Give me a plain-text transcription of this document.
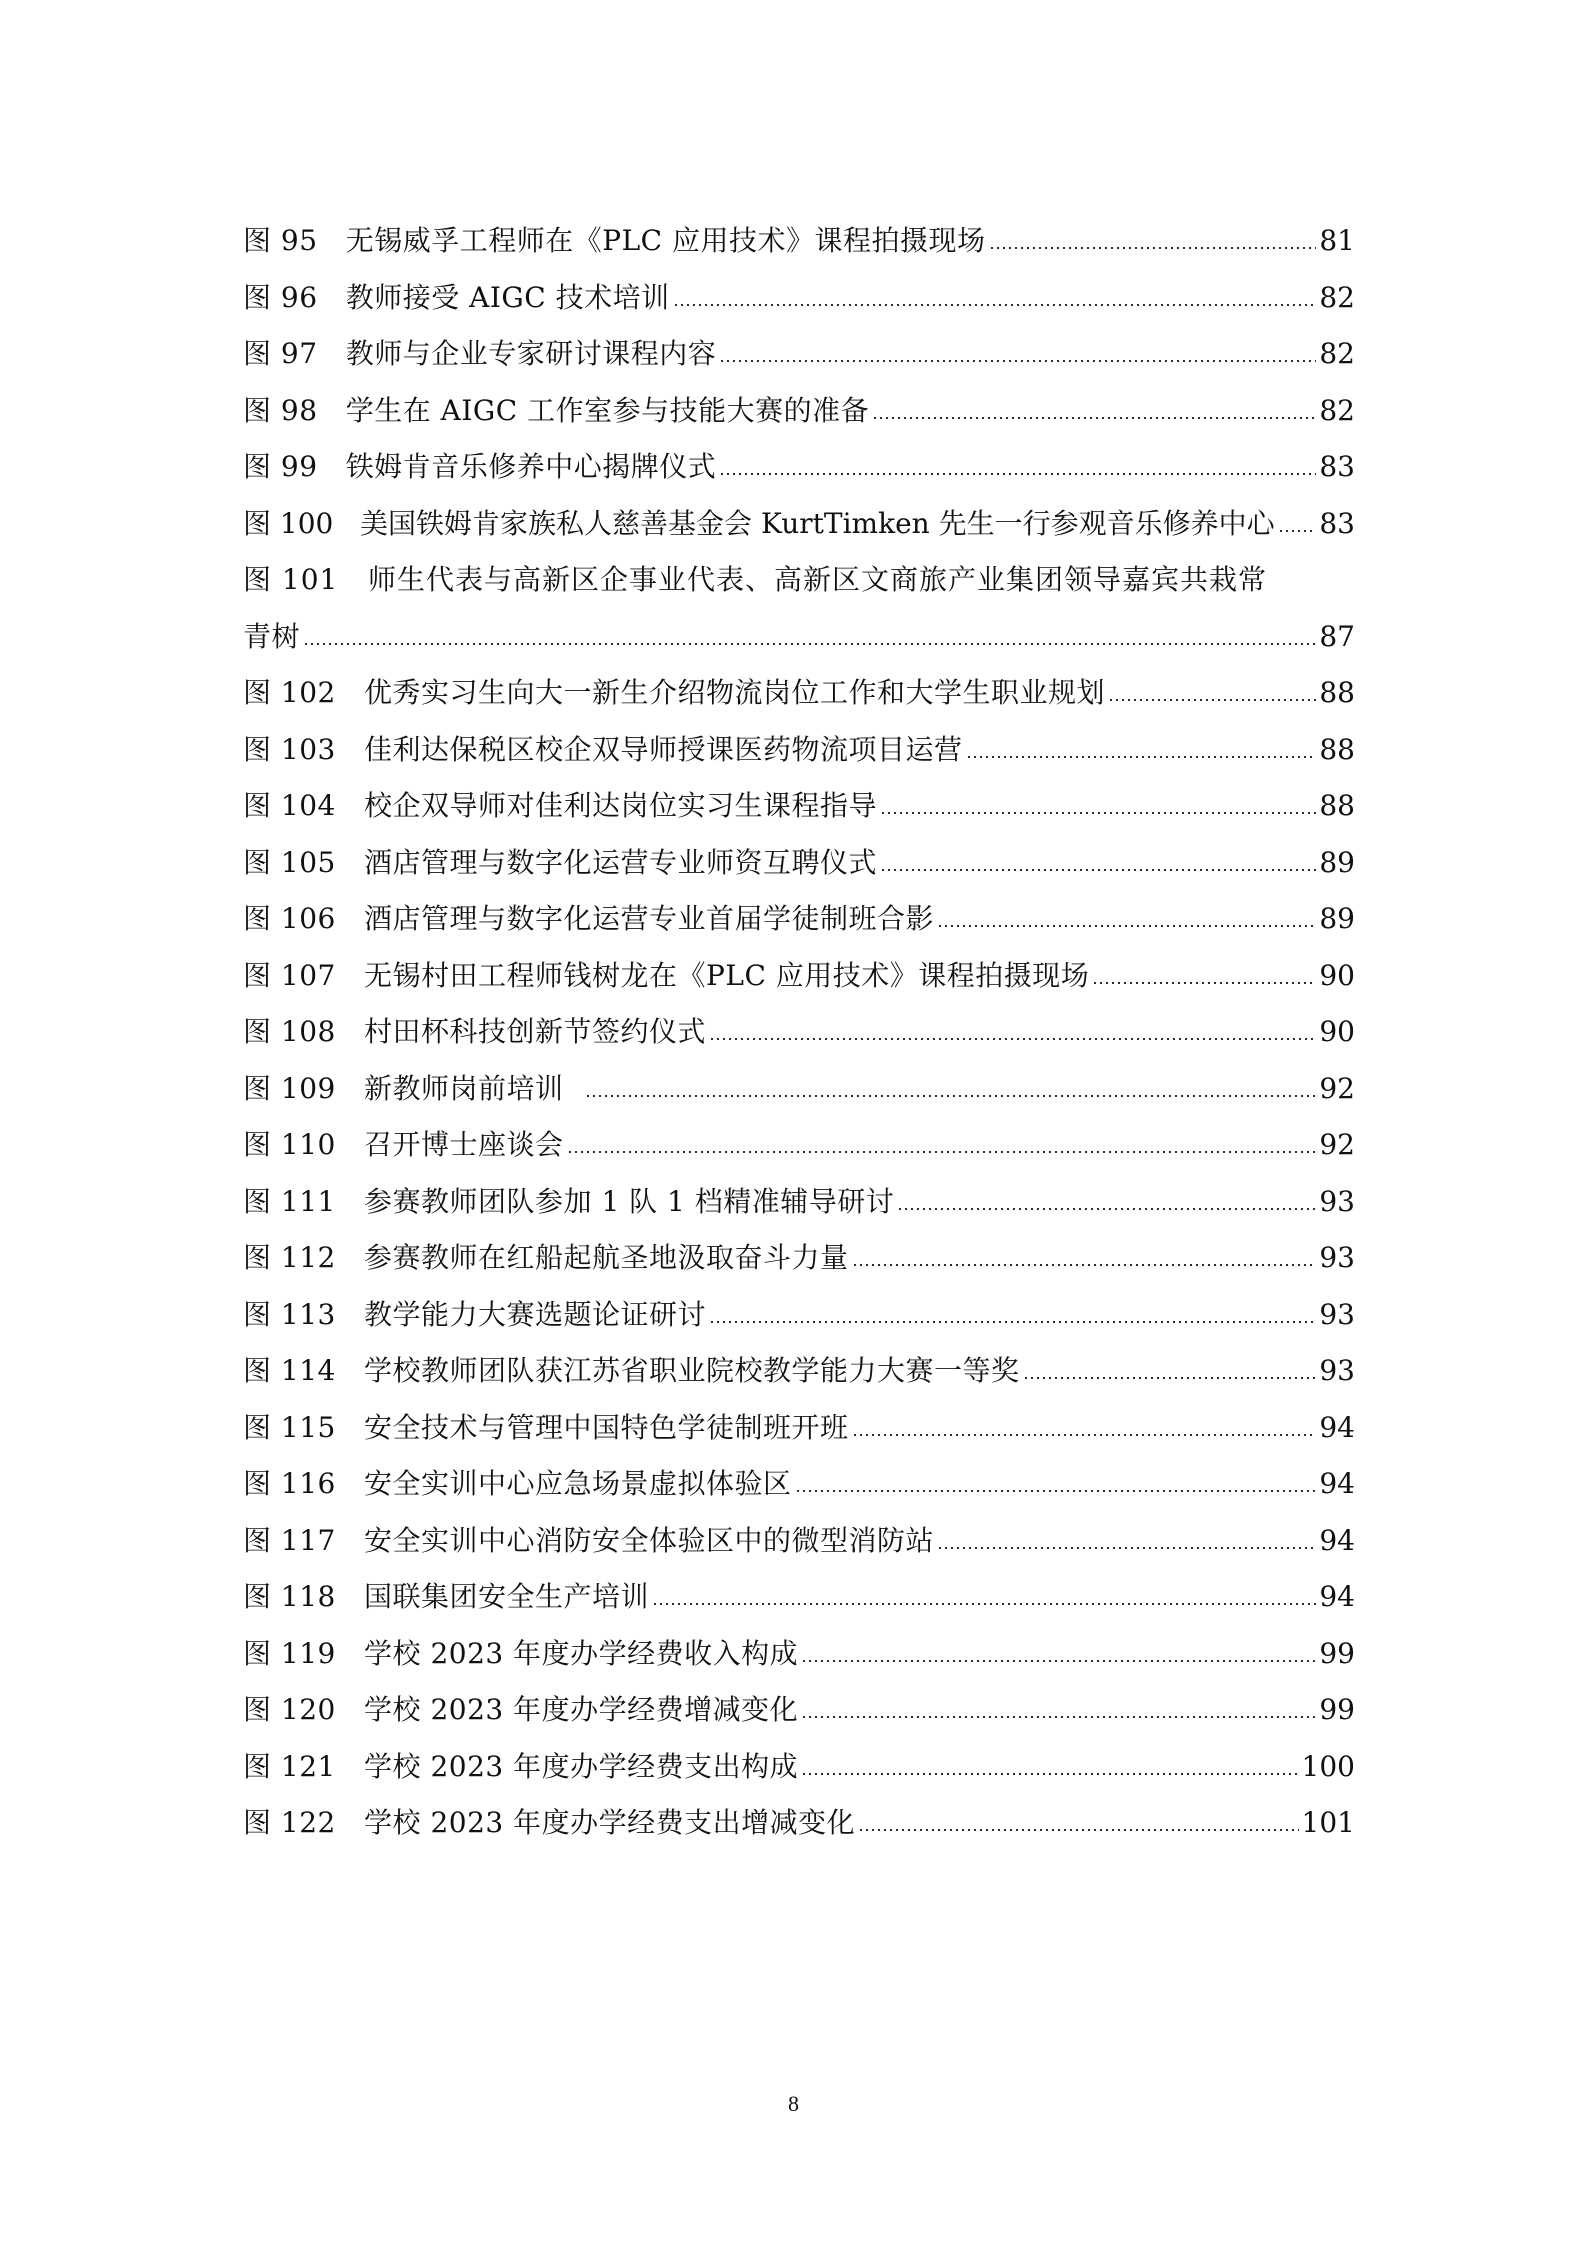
图 95   无锡威孚工程师在《PLC 应用技术》课程拍摄现场	81
图 96   教师接受 AIGC 技术培训	82
图 97   教师与企业专家研讨课程内容	82
图 98   学生在 AIGC 工作室参与技能大赛的准备	82
图 99   铁姆肯音乐修养中心揭牌仪式	83
图 100   美国铁姆肯家族私人慈善基金会 KurtTimken 先生一行参观音乐修养中心 83
图 101   师生代表与高新区企事业代表、高新区文商旅产业集团领导嘉宾共栽常
青树	87
图 102   优秀实习生向大一新生介绍物流岗位工作和大学生职业规划	88
图 103   佳利达保税区校企双导师授课医药物流项目运营	88
图 104   校企双导师对佳利达岗位实习生课程指导	88
图 105   酒店管理与数字化运营专业师资互聘仪式	89
图 106   酒店管理与数字化运营专业首届学徒制班合影	89
图 107   无锡村田工程师钱树龙在《PLC 应用技术》课程拍摄现场	90
图 108   村田杯科技创新节签约仪式	90
图 109   新教师岗前培训	92
图 110   召开博士座谈会	92
图 111   参赛教师团队参加 1 队 1 档精准辅导研讨	93
图 112   参赛教师在红船起航圣地汲取奋斗力量	93
图 113   教学能力大赛选题论证研讨	93
图 114   学校教师团队获江苏省职业院校教学能力大赛一等奖	93
图 115   安全技术与管理中国特色学徒制班开班	94
图 116   安全实训中心应急场景虚拟体验区	94
图 117   安全实训中心消防安全体验区中的微型消防站	94
图 118   国联集团安全生产培训	94
图 119   学校 2023 年度办学经费收入构成	99
图 120   学校 2023 年度办学经费增减变化	99
图 121   学校 2023 年度办学经费支出构成	100
图 122   学校 2023 年度办学经费支出增减变化	101
8
